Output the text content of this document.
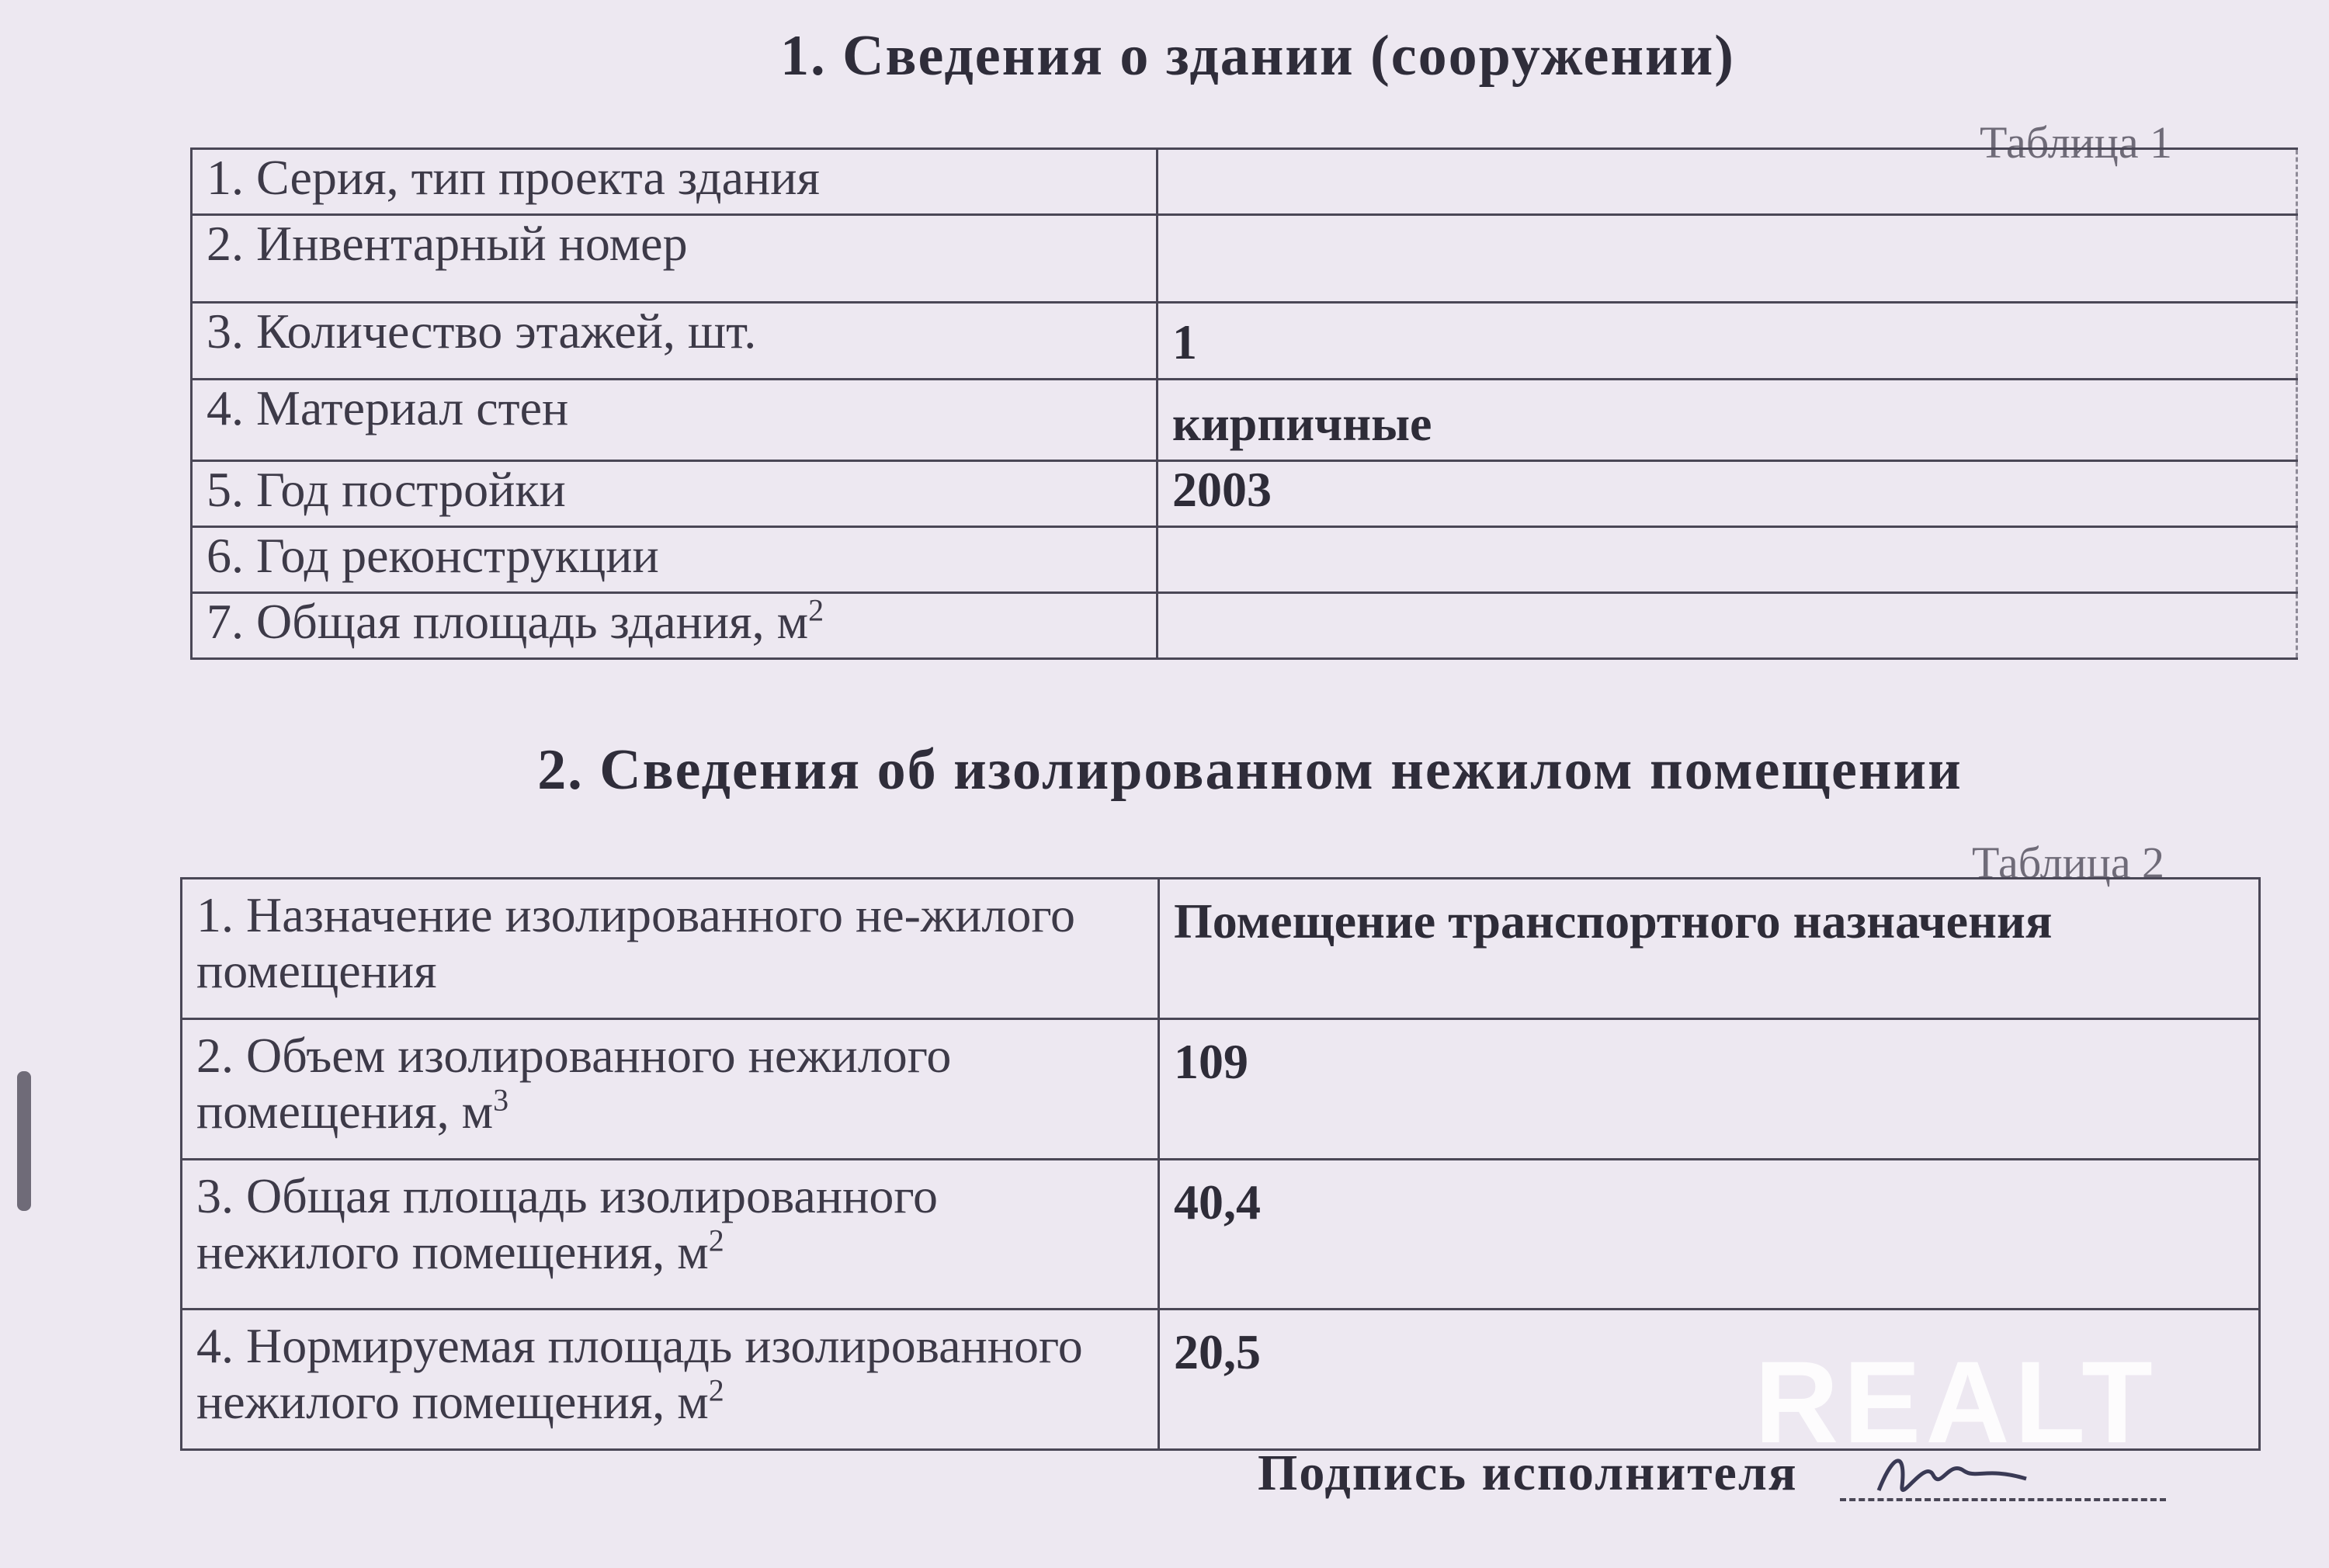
1. Сведения о здании (сооружении)
Таблица 1
1. Серия, тип проекта здания	
2. Инвентарный номер	
3. Количество этажей, шт.	1
4. Материал стен	кирпичные
5. Год постройки	2003
6. Год реконструкции	
7. Общая площадь здания, $м^2$	
2. Сведения об изолированном нежилом помещении
Таблица 2
1. Назначение изолированного не-жилого помещения	Помещение транспортного назначения
2. Объем изолированного нежилого помещения, $м^3$	109
3. Общая площадь изолированного нежилого помещения, $м^2$	40,4
4. Нормируемая площадь изолированного нежилого помещения, $м^2$	20,5
Подпись исполнителя
REALT
